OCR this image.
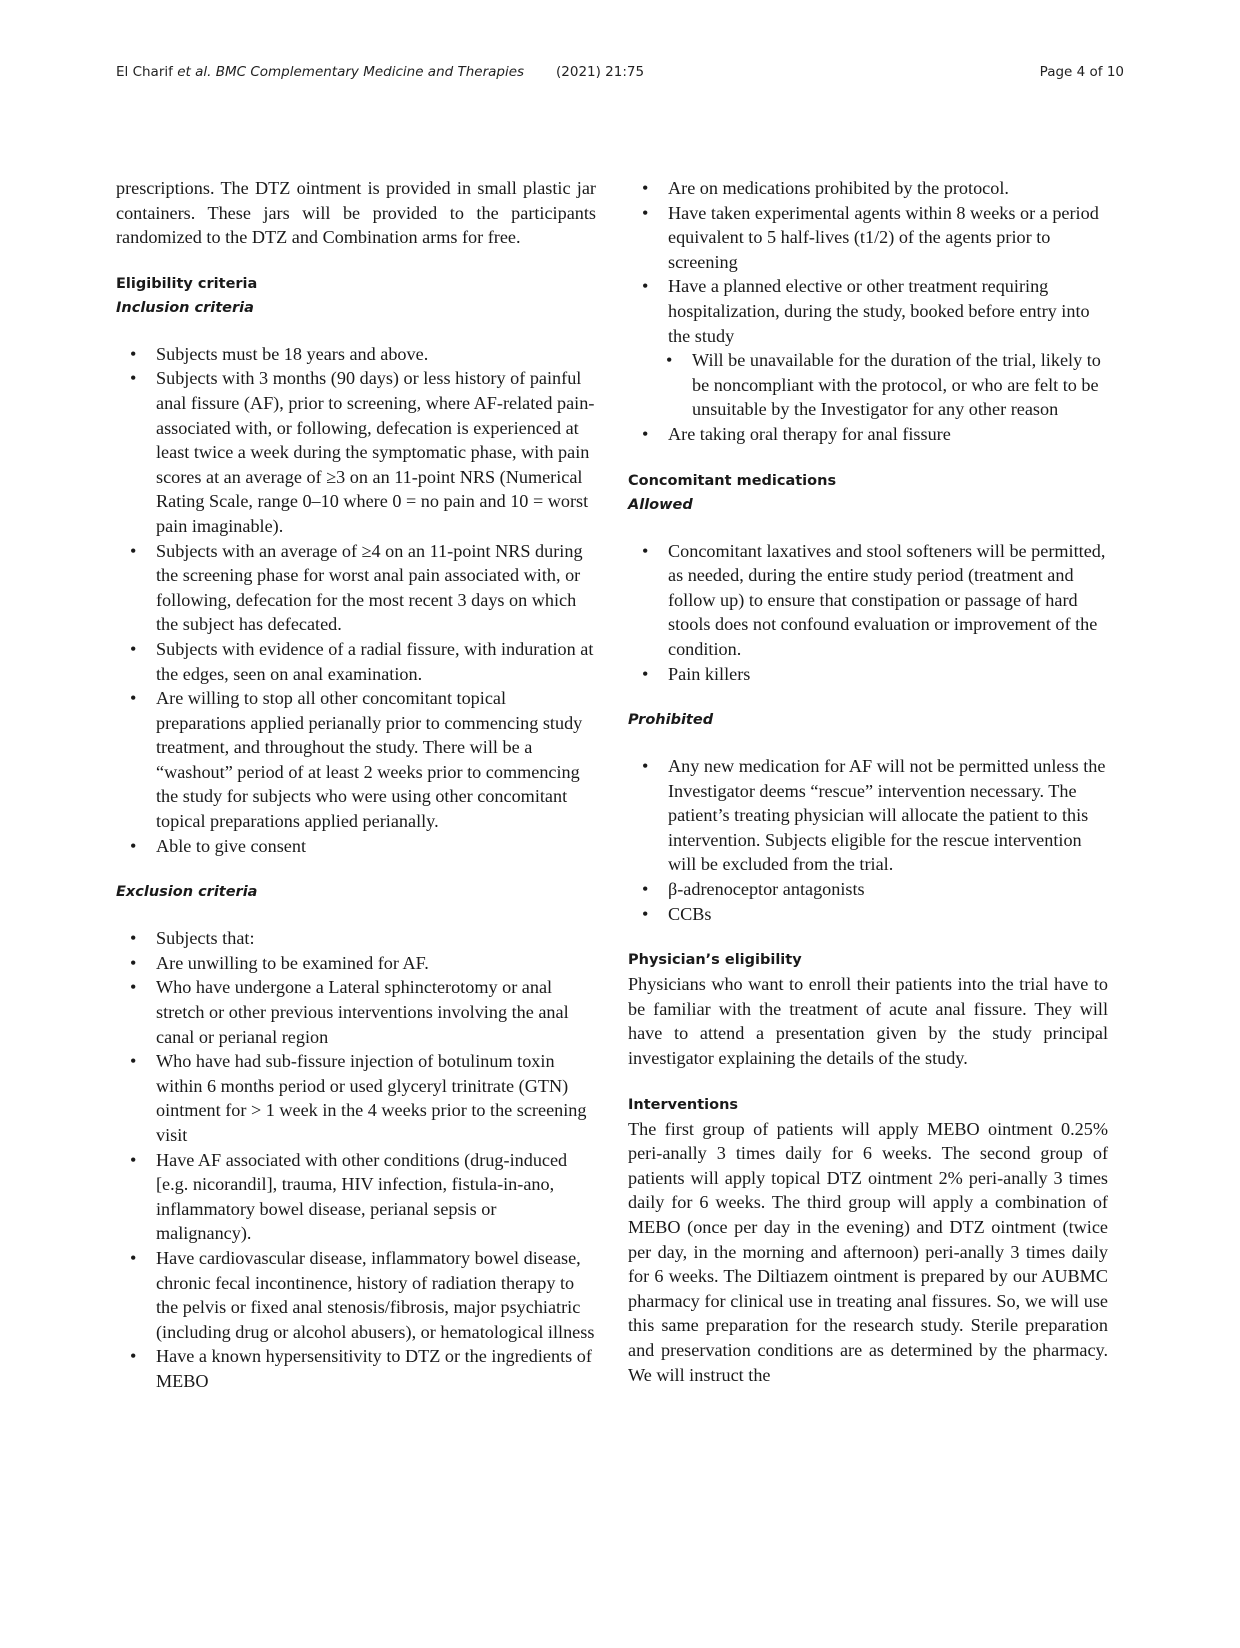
El Charif et al. BMC Complementary Medicine and Therapies (2021) 21:75	Page 4 of 10

prescriptions. The DTZ ointment is provided in small plastic jar containers. These jars will be provided to the participants randomized to the DTZ and Combination arms for free.

Eligibility criteria
Inclusion criteria
• Subjects must be 18 years and above.
• Subjects with 3 months (90 days) or less history of painful anal fissure (AF), prior to screening, where AF-related pain-associated with, or following, defecation is experienced at least twice a week during the symptomatic phase, with pain scores at an average of ≥3 on an 11-point NRS (Numerical Rating Scale, range 0–10 where 0 = no pain and 10 = worst pain imaginable).
• Subjects with an average of ≥4 on an 11-point NRS during the screening phase for worst anal pain associated with, or following, defecation for the most recent 3 days on which the subject has defecated.
• Subjects with evidence of a radial fissure, with induration at the edges, seen on anal examination.
• Are willing to stop all other concomitant topical preparations applied perianally prior to commencing study treatment, and throughout the study. There will be a “washout” period of at least 2 weeks prior to commencing the study for subjects who were using other concomitant topical preparations applied perianally.
• Able to give consent
Exclusion criteria
• Subjects that:
• Are unwilling to be examined for AF.
• Who have undergone a Lateral sphincterotomy or anal stretch or other previous interventions involving the anal canal or perianal region
• Who have had sub-fissure injection of botulinum toxin within 6 months period or used glyceryl trinitrate (GTN) ointment for > 1 week in the 4 weeks prior to the screening visit
• Have AF associated with other conditions (drug-induced [e.g. nicorandil], trauma, HIV infection, fistula-in-ano, inflammatory bowel disease, perianal sepsis or malignancy).
• Have cardiovascular disease, inflammatory bowel disease, chronic fecal incontinence, history of radiation therapy to the pelvis or fixed anal stenosis/fibrosis, major psychiatric (including drug or alcohol abusers), or hematological illness
• Have a known hypersensitivity to DTZ or the ingredients of MEBO
• Are on medications prohibited by the protocol.
• Have taken experimental agents within 8 weeks or a period equivalent to 5 half-lives (t1/2) of the agents prior to screening
• Have a planned elective or other treatment requiring hospitalization, during the study, booked before entry into the study
• Will be unavailable for the duration of the trial, likely to be noncompliant with the protocol, or who are felt to be unsuitable by the Investigator for any other reason
• Are taking oral therapy for anal fissure
Concomitant medications
Allowed
• Concomitant laxatives and stool softeners will be permitted, as needed, during the entire study period (treatment and follow up) to ensure that constipation or passage of hard stools does not confound evaluation or improvement of the condition.
• Pain killers
Prohibited
• Any new medication for AF will not be permitted unless the Investigator deems “rescue” intervention necessary. The patient’s treating physician will allocate the patient to this intervention. Subjects eligible for the rescue intervention will be excluded from the trial.
• β-adrenoceptor antagonists
• CCBs
Physician’s eligibility

Physicians who want to enroll their patients into the trial have to be familiar with the treatment of acute anal fissure. They will have to attend a presentation given by the study principal investigator explaining the details of the study.

Interventions

The first group of patients will apply MEBO ointment 0.25% peri-anally 3 times daily for 6 weeks. The second group of patients will apply topical DTZ ointment 2% peri-anally 3 times daily for 6 weeks. The third group will apply a combination of MEBO (once per day in the evening) and DTZ ointment (twice per day, in the morning and afternoon) peri-anally 3 times daily for 6 weeks. The Diltiazem ointment is prepared by our AUBMC pharmacy for clinical use in treating anal fissures. So, we will use this same preparation for the research study. Sterile preparation and preservation conditions are as determined by the pharmacy. We will instruct the
